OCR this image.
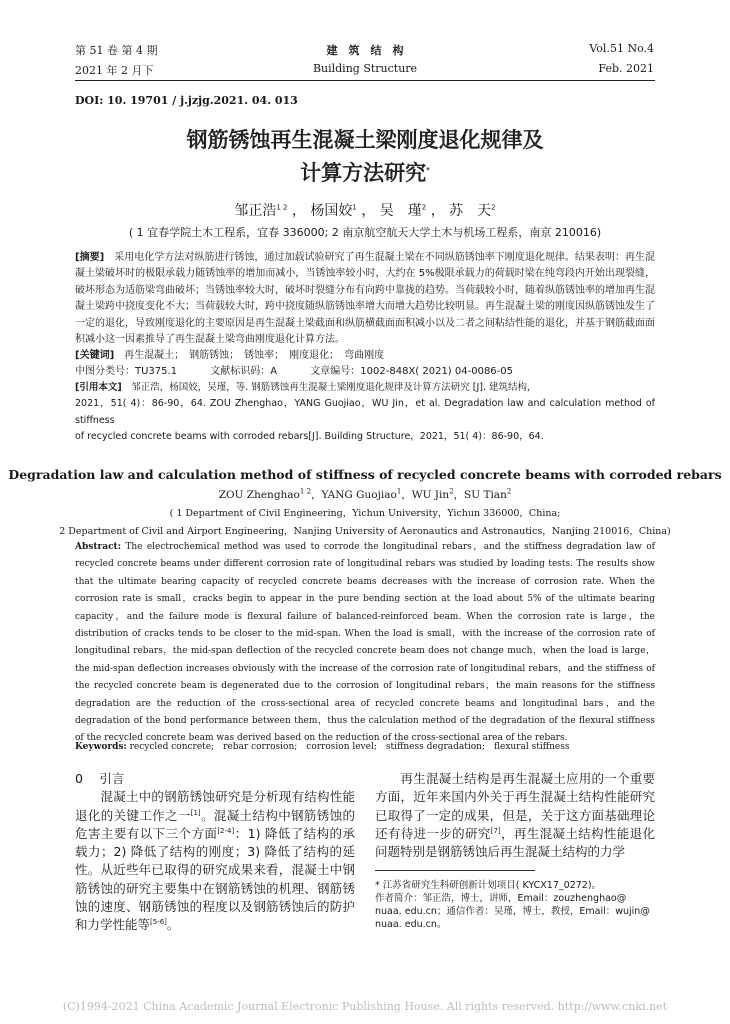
第 51 卷 第 4 期
2021 年 2 月下
建　筑　结　构
Building Structure
Vol.51 No.4
Feb. 2021
DOI: 10. 19701 / j.jzjg.2021. 04. 013
钢筋锈蚀再生混凝土梁刚度退化规律及
计算方法研究*
邹正浩$^{1 2}$ ， 杨国姣$^1$ ， 吴　瑾$^2$ ， 苏　天$^2$
( 1 宜春学院土木工程系，宜春 336000; 2 南京航空航天大学土木与机场工程系，南京 210016)
[摘要]　采用电化学方法对纵筋进行锈蚀，通过加载试验研究了再生混凝土梁在不同纵筋锈蚀率下刚度退化规律。结果表明：再生混凝土梁破坏时的极限承载力随锈蚀率的增加而减小，当锈蚀率较小时，大约在 5%极限承载力的荷载时梁在纯弯段内开始出现裂缝，破坏形态为适筋梁弯曲破坏；当锈蚀率较大时，破坏时裂缝分布有向跨中靠拢的趋势。当荷载较小时，随着纵筋锈蚀率的增加再生混凝土梁跨中挠度变化不大；当荷载较大时，跨中挠度随纵筋锈蚀率增大而增大趋势比较明显。再生混凝土梁的刚度因纵筋锈蚀发生了一定的退化，导致刚度退化的主要原因是再生混凝土梁截面和纵筋横截面面积减小以及二者之间粘结性能的退化，并基于钢筋截面面积减小这一因素推导了再生混凝土梁弯曲刚度退化计算方法。
[关键词]　再生混凝土；　钢筋锈蚀；　锈蚀率；　刚度退化；　弯曲刚度
中图分类号：TU375.1	文献标识码：A	文章编号：1002-848X( 2021) 04-0086-05
[引用本文]　邹正浩，杨国姣，吴瑾，等. 钢筋锈蚀再生混凝土梁刚度退化规律及计算方法研究 [J]. 建筑结构，
2021，51( 4)：86-90，64. ZOU Zhenghao，YANG Guojiao，WU Jin，et al. Degradation law and calculation method of stiffness
of recycled concrete beams with corroded rebars[J]. Building Structure，2021，51( 4)：86-90，64.
Degradation law and calculation method of stiffness of recycled concrete beams with corroded rebars
ZOU Zhenghao$^{1 2}$，YANG Guojiao$^1$，WU Jin$^2$，SU Tian$^2$
( 1 Department of Civil Engineering，Yichun University，Yichun 336000，China;
2 Department of Civil and Airport Engineering，Nanjing University of Aeronautics and Astronautics，Nanjing 210016，China)
Abstract: The electrochemical method was used to corrode the longitudinal rebars，and the stiffness degradation law of recycled concrete beams under different corrosion rate of longitudinal rebars was studied by loading tests. The results show that the ultimate bearing capacity of recycled concrete beams decreases with the increase of corrosion rate. When the corrosion rate is small，cracks begin to appear in the pure bending section at the load about 5% of the ultimate bearing capacity，and the failure mode is flexural failure of balanced-reinforced beam. When the corrosion rate is large，the distribution of cracks tends to be closer to the mid-span. When the load is small，with the increase of the corrosion rate of longitudinal rebars，the mid-span deflection of the recycled concrete beam does not change much，when the load is large，the mid-span deflection increases obviously with the increase of the corrosion rate of longitudinal rebars，and the stiffness of the recycled concrete beam is degenerated due to the corrosion of longitudinal rebars，the main reasons for the stiffness degradation are the reduction of the cross-sectional area of recycled concrete beams and longitudinal bars，and the degradation of the bond performance between them，thus the calculation method of the degradation of the flexural stiffness of the recycled concrete beam was derived based on the reduction of the cross-sectional area of the rebars.
Keywords: recycled concrete;　rebar corrosion;　corrosion level;　stiffness degradation;　flexural stiffness
0　 引言
　　混凝土中的钢筋锈蚀研究是分析现有结构性能退化的关键工作之一[1]。混凝土结构中钢筋锈蚀的危害主要有以下三个方面[2-4]：1) 降低了结构的承载力；2) 降低了结构的刚度；3) 降低了结构的延性。从近些年已取得的研究成果来看，混凝土中钢筋锈蚀的研究主要集中在钢筋锈蚀的机理、钢筋锈蚀的速度、钢筋锈蚀的程度以及钢筋锈蚀后的防护和力学性能等[5-6]。
　　再生混凝土结构是再生混凝土应用的一个重要方面，近年来国内外关于再生混凝土结构性能研究已取得了一定的成果，但是，关于这方面基础理论还有待进一步的研究[7]，再生混凝土结构性能退化问题特别是钢筋锈蚀后再生混凝土结构的力学
* 江苏省研究生科研创新计划项目( KYCX17_0272)。
作者简介：邹正浩，博士，讲师，Email：zouzhenghao@ nuaa. edu.cn；通信作者：吴瑾，博士，教授，Email：wujin@ nuaa. edu.cn。
(C)1994-2021 China Academic Journal Electronic Publishing House. All rights reserved. http://www.cnki.net
